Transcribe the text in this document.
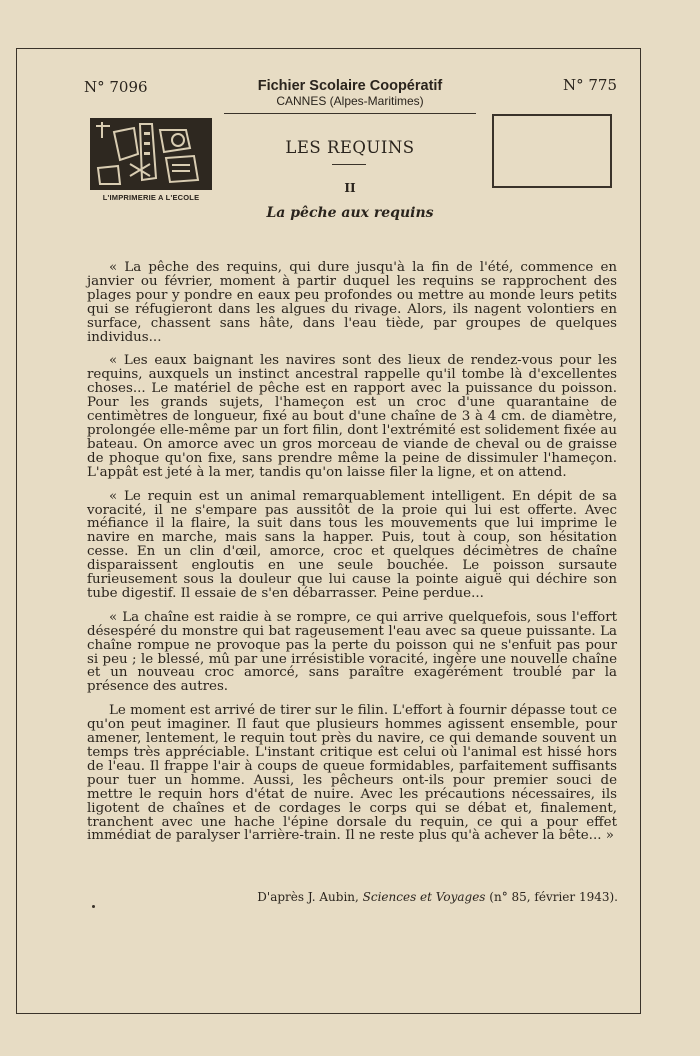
N° 7096	Fichier Scolaire Coopératif
CANNES (Alpes-Maritimes)
N° 775
L'IMPRIMERIE A L'ECOLE
LES REQUINS
II
La pêche aux requins

« La pêche des requins, qui dure jusqu'à la fin de l'été, commence en janvier ou février, moment à partir duquel les requins se rapprochent des plages pour y pondre en eaux peu profondes ou mettre au monde leurs petits qui se réfugieront dans les algues du rivage. Alors, ils nagent volontiers en surface, chassent sans hâte, dans l'eau tiède, par groupes de quelques individus...

« Les eaux baignant les navires sont des lieux de rendez-vous pour les requins, auxquels un instinct ancestral rappelle qu'il tombe là d'excellentes choses... Le matériel de pêche est en rapport avec la puissance du poisson. Pour les grands sujets, l'hameçon est un croc d'une quarantaine de centimètres de longueur, fixé au bout d'une chaîne de 3 à 4 cm. de diamètre, prolongée elle-même par un fort filin, dont l'extrémité est solidement fixée au bateau. On amorce avec un gros morceau de viande de cheval ou de graisse de phoque qu'on fixe, sans prendre même la peine de dissimuler l'hameçon. L'appât est jeté à la mer, tandis qu'on laisse filer la ligne, et on attend.

« Le requin est un animal remarquablement intelligent. En dépit de sa voracité, il ne s'empare pas aussitôt de la proie qui lui est offerte. Avec méfiance il la flaire, la suit dans tous les mouvements que lui imprime le navire en marche, mais sans la happer. Puis, tout à coup, son hésitation cesse. En un clin d'œil, amorce, croc et quelques décimètres de chaîne disparaissent engloutis en une seule bouchée. Le poisson sursaute furieusement sous la douleur que lui cause la pointe aiguë qui déchire son tube digestif. Il essaie de s'en débarrasser. Peine perdue...

« La chaîne est raidie à se rompre, ce qui arrive quelquefois, sous l'effort désespéré du monstre qui bat rageusement l'eau avec sa queue puissante. La chaîne rompue ne provoque pas la perte du poisson qui ne s'enfuit pas pour si peu ; le blessé, mû par une irrésistible voracité, ingère une nouvelle chaîne et un nouveau croc amorcé, sans paraître exagérément troublé par la présence des autres.

Le moment est arrivé de tirer sur le filin. L'effort à fournir dépasse tout ce qu'on peut imaginer. Il faut que plusieurs hommes agissent ensemble, pour amener, lentement, le requin tout près du navire, ce qui demande souvent un temps très appréciable. L'instant critique est celui où l'animal est hissé hors de l'eau. Il frappe l'air à coups de queue formidables, parfaitement suffisants pour tuer un homme. Aussi, les pêcheurs ont-ils pour premier souci de mettre le requin hors d'état de nuire. Avec les précautions nécessaires, ils ligotent de chaînes et de cordages le corps qui se débat et, finalement, tranchent avec une hache l'épine dorsale du requin, ce qui a pour effet immédiat de paralyser l'arrière-train. Il ne reste plus qu'à achever la bête... »

D'après J. Aubin, Sciences et Voyages (n° 85, février 1943).
